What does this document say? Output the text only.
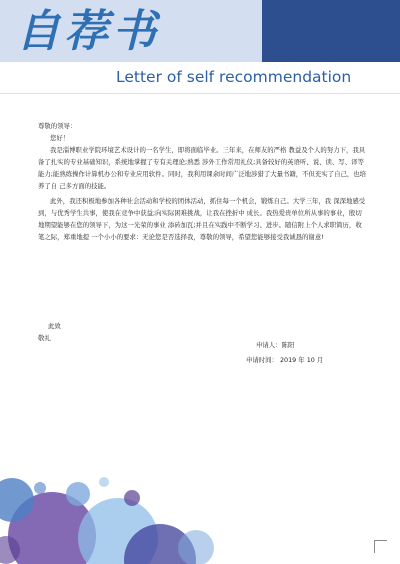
自荐书
Letter of self recommendation

尊敬的领导：

您好！

我是淄博职业学院环境艺术设计的一名学生，即将面临毕业。三年来，在师友的严格 教益及个人的努力下，我具备了扎实的专业基础知识，系统地掌握了专有关理论;熟悉 涉外工作常用礼仪;具备较好的英语听、说、读、写、译等能力;能熟练操作计算机办公和专业应用软件。同时，我利用课余时间广泛地涉猎了大量书籍，不但充实了自己，也培养了自 己多方面的技能。

此外，我还积极地参加各种社会活动和学校的团体活动，抓住每一个机会，锻炼自己。大学三年，我 深深地感受到，与优秀学生共事，使我在竞争中获益;向实际困难挑战，让我在挫折中 成长。我热爱贵单位所从事的事业，殷切地期望能够在您的领导下，为这一光荣的事业 添砖加瓦;并且在实践中不断学习、进步。随信附上个人求职简历，收笔之际，郑重地提 一个小小的要求：无论您是否选择我，尊敬的领导，希望您能够接受我诚恳的谢意!

此致
敬礼
申请人：陈阳
申请时间： 2019 年 10 月
